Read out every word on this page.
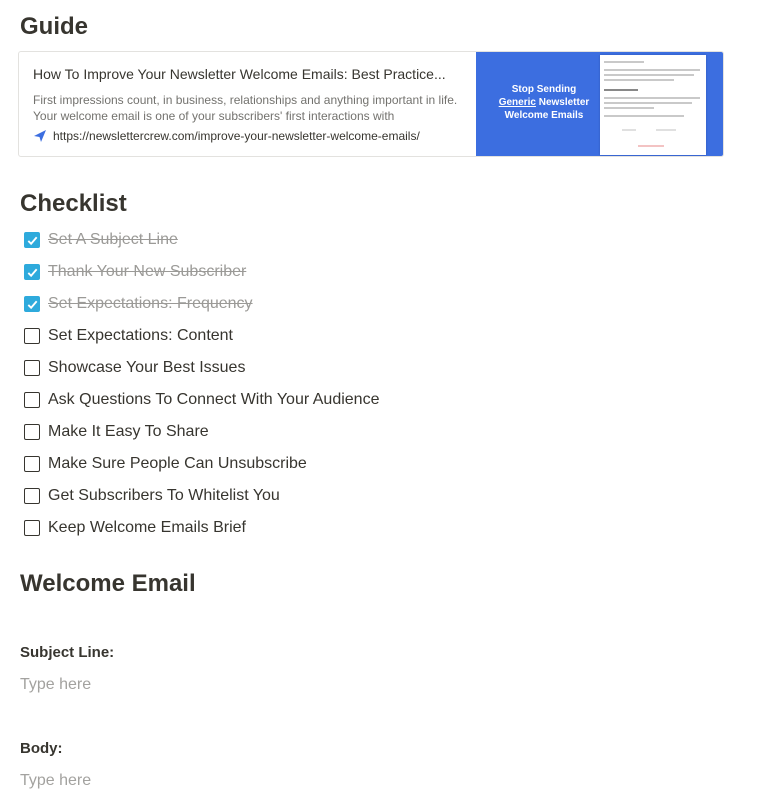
Guide
How To Improve Your Newsletter Welcome Emails: Best Practice...
First impressions count, in business, relationships and anything important in life. Your welcome email is one of your subscribers' first interactions with
https://newslettercrew.com/improve-your-newsletter-welcome-emails/
Stop Sending
Generic Newsletter
Welcome Emails
Checklist
Set A Subject Line
Thank Your New Subscriber
Set Expectations: Frequency
Set Expectations: Content
Showcase Your Best Issues
Ask Questions To Connect With Your Audience
Make It Easy To Share
Make Sure People Can Unsubscribe
Get Subscribers To Whitelist You
Keep Welcome Emails Brief
Welcome Email
Subject Line:
Type here
Body:
Type here
